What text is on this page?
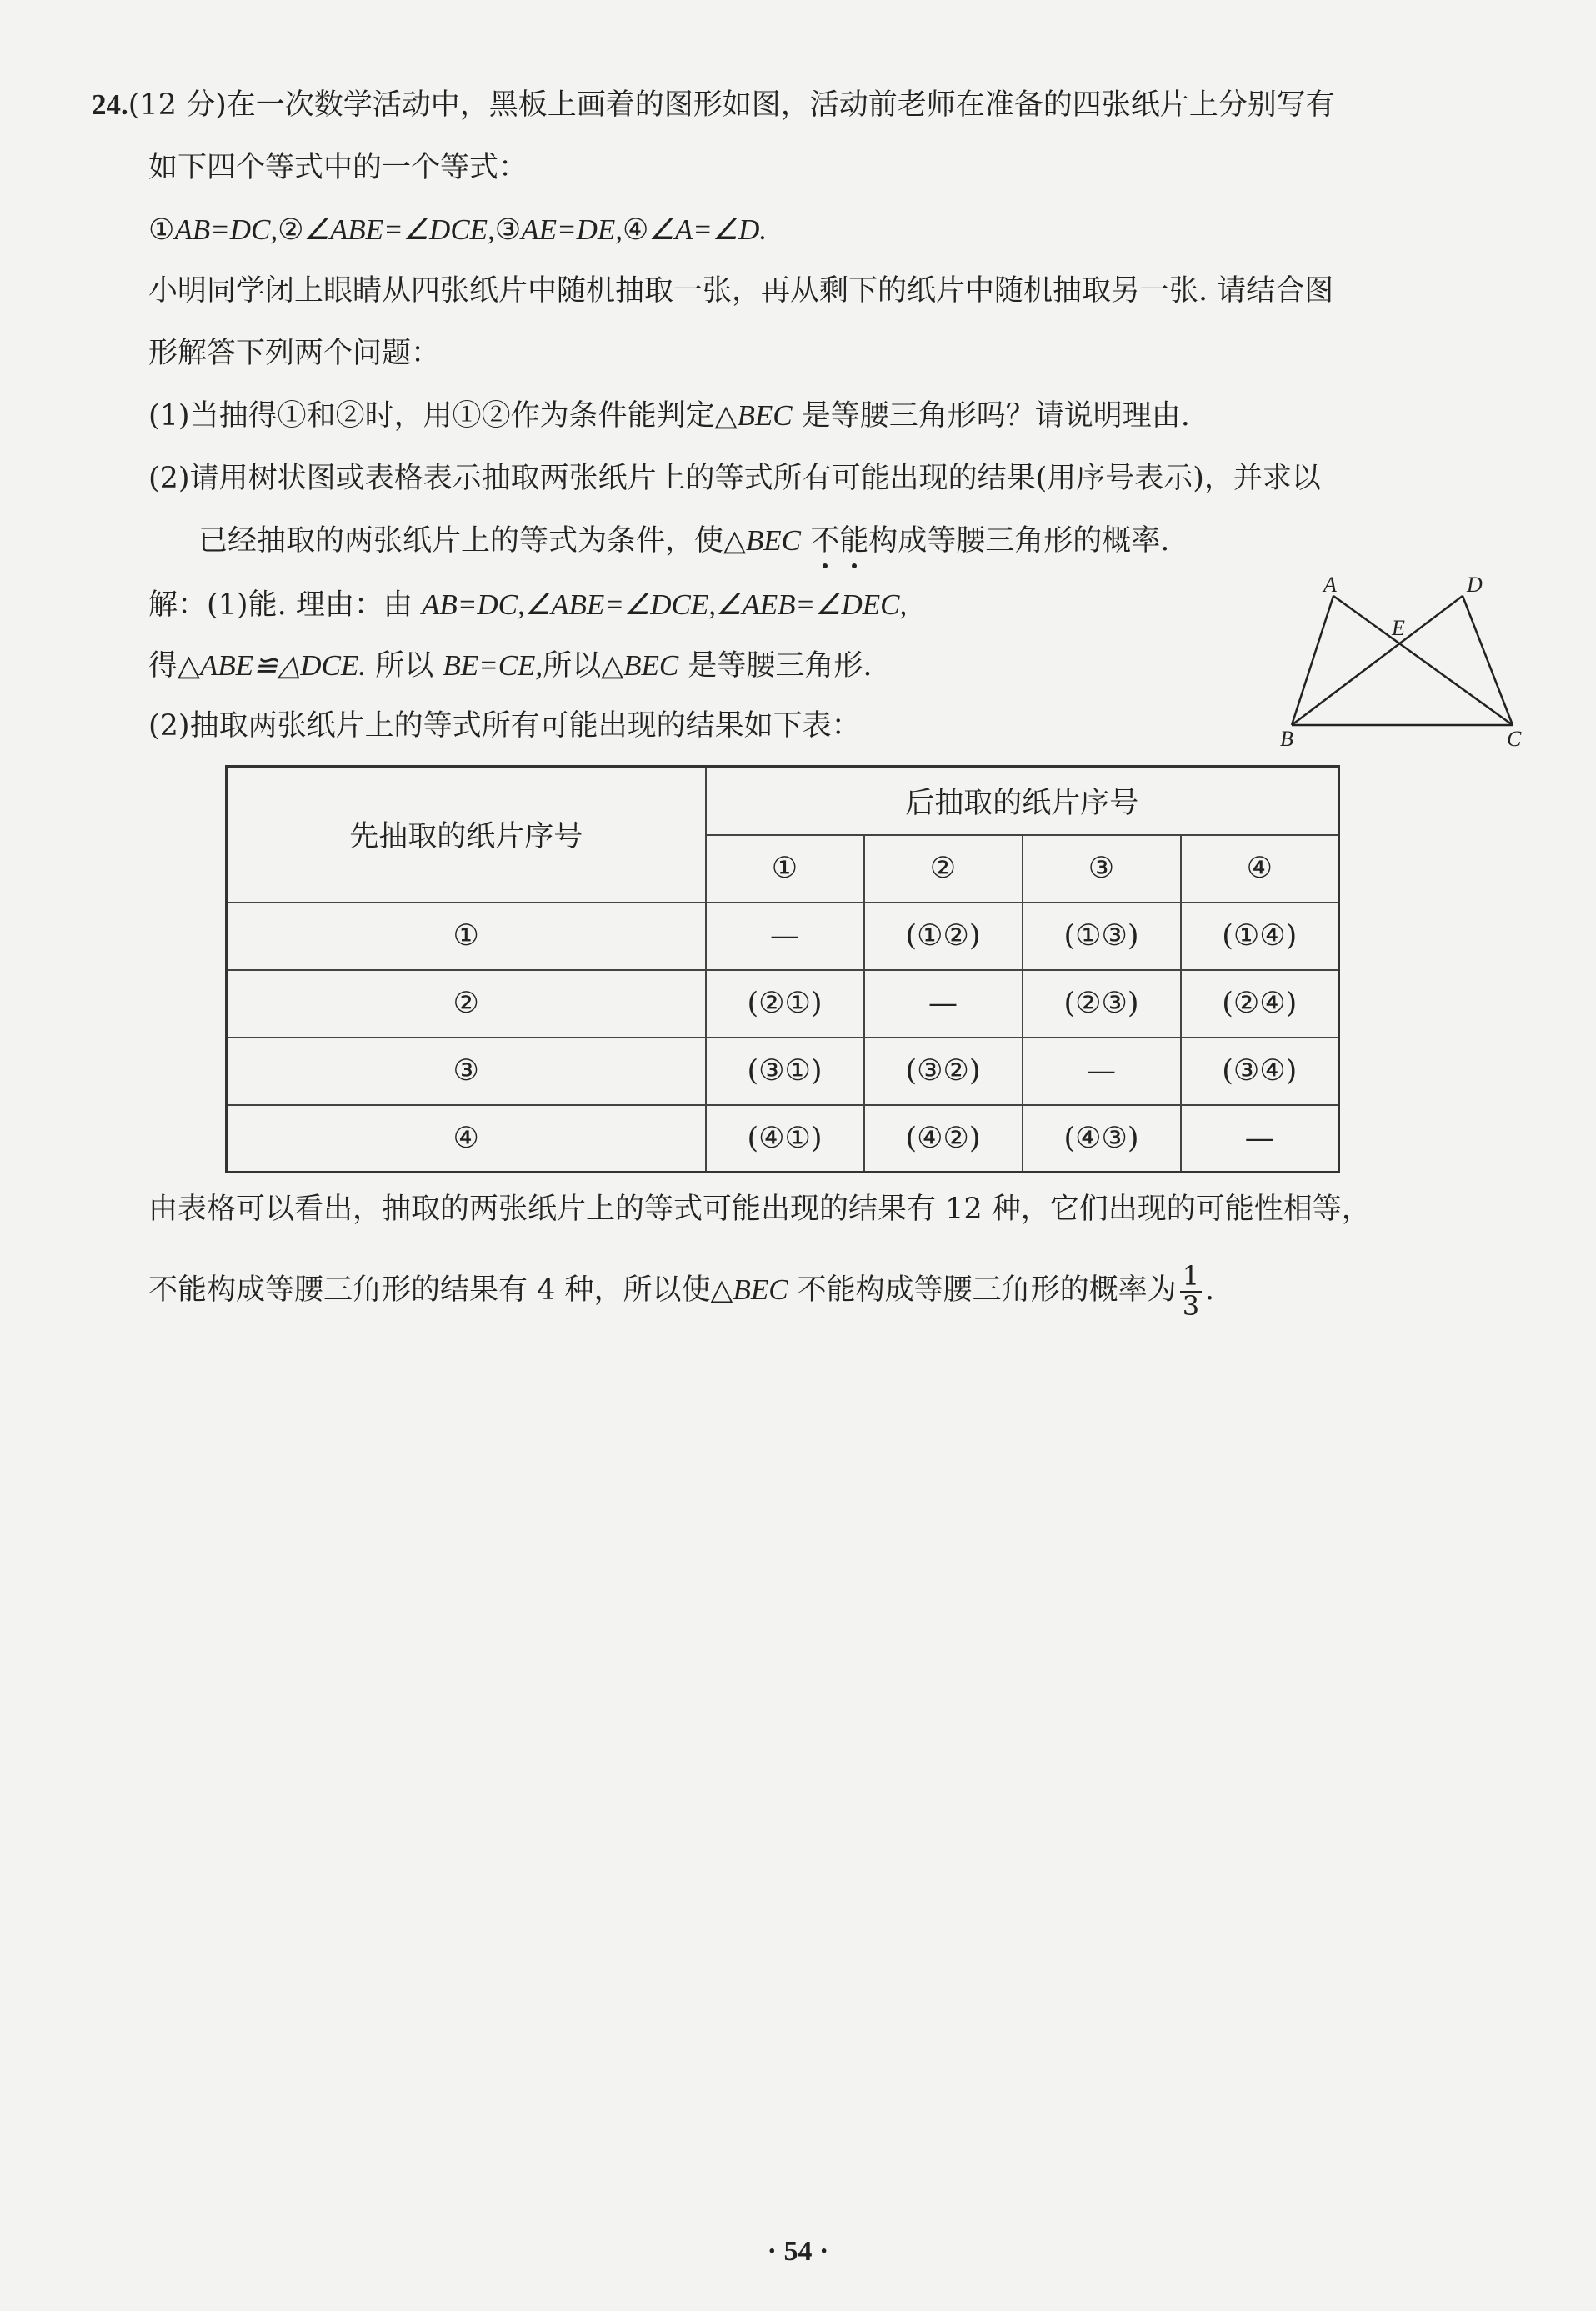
24.(12 分)在一次数学活动中，黑板上画着的图形如图，活动前老师在准备的四张纸片上分别写有
如下四个等式中的一个等式：
①AB=DC,②∠ABE=∠DCE,③AE=DE,④∠A=∠D.
小明同学闭上眼睛从四张纸片中随机抽取一张，再从剩下的纸片中随机抽取另一张. 请结合图
形解答下列两个问题：
(1)当抽得①和②时，用①②作为条件能判定△BEC 是等腰三角形吗？请说明理由.
(2)请用树状图或表格表示抽取两张纸片上的等式所有可能出现的结果(用序号表示)，并求以
已经抽取的两张纸片上的等式为条件，使△BEC 不能构成等腰三角形的概率.
解：(1)能. 理由：由 AB=DC,∠ABE=∠DCE,∠AEB=∠DEC,
得△ABE≌△DCE. 所以 BE=CE,所以△BEC 是等腰三角形.
(2)抽取两张纸片上的等式所有可能出现的结果如下表：
A	D
E
B	C
先抽取的纸片序号	后抽取的纸片序号			
	①	②	③	④
①	—	(①②)	(①③)	(①④)
②	(②①)	—	(②③)	(②④)
③	(③①)	(③②)	—	(③④)
④	(④①)	(④②)	(④③)	—
由表格可以看出，抽取的两张纸片上的等式可能出现的结果有 12 种，它们出现的可能性相等，
不能构成等腰三角形的结果有 4 种，所以使△BEC 不能构成等腰三角形的概率为 $\frac{1}{3}$ .
· 54 ·
